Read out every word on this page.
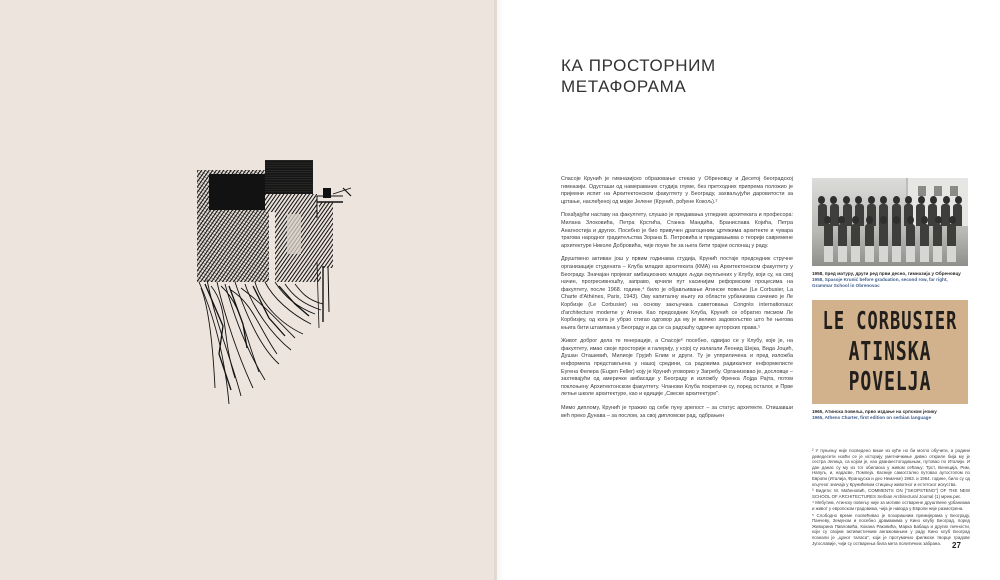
КА ПРОСТОРНИМ
МЕТАФОРАМА

Спасоје Крунић је гимназијско образовање стекао у Обреновцу и Десетој београдској гимназији. Одусташи од намераваних студија глуме, без претходних припрема положио је пријемни испит на Архитектонском факултету у Београду, захваљујући даровитости за цртање, наслеђеној од мајке Јелене (Крунић, рођене Кокољ).²

Похађајући наставу на факултету, слушао је предавања угледних архитеката и професора: Милана Злоковића, Петра Крстића, Станка Мандића, Бранислава Којића, Петра Анагностија и других. Посебно је био привучен драгоценим цртежима архитекте и чувара трагова народног градитељства Зорана Б. Петровића и предавањима о теорији савремене архитектуре Николе Добровића, чије поуке ће за њега бити трајни ослонац у раду.

Друштвено активан још у првим годинама студија, Крунић постаје председник стручне организације студената – Клуба младих архитеката (КМА) на Архитектонском факултету у Београду. Значајан пројекат амбициозних младих људи окупљених у Клубу, који су, на свој начин, прогресивношћу, заправо, крчили пут касинијим реформским процесима на факултету, после 1968. године,⁴ било је објављивање Атинске повеље (Le Corbusier, La Charte d'Athènes, Paris, 1943). Ову капиталну књигу из области урбанизма сачинио је Ле Корбизје (Le Corbusier) на основу закључака саветовања Congrès internationaux d'architecture moderne у Атини. Као председник Клуба, Крунић се обратио писмом Ле Корбизјеу, од кога је убрзо стигао одговор да му је велико задовољство што ће његова књига бити штампана у Београду и да се са радошћу одриче ауторских права.⁵

Живот доброг дела те генерације, а Спасоје⁶ посебно, одвијао се у Клубу, које је, на факултету, имао своје просторије и галерију, у којој су излагали Леонид Шејка, Вида Јоцић, Душан Оташевић, Милиоје Грујић Елим и други. Ту је упприличена и пред изложба енформела представљена у нашој средини, са радовима радикалног енформелисте Еугена Фелера (Eugen Feller) коју је Крунић уговорио у Загребу. Организовао је, дословце – захтевајући од америчке амбасаде у Београду и изложбу Френка Лојда Рајта, потом поклоњену Архитектонском факултету. Чланови Клуба покретачи су, поред осталог, и Прве летње школе архитектуре, као и едиције „Свеске архитектуре".

Мимо диплому, Крунић је тражио од себе пуну зрелост – за статус архитекте. Отишавши већ преко Дунава – за послом, за свој дипломски рад, одбрањен

1958, пред матуру, други ред први десно, гимназија у Обреновцу
1958, Spasoje Krunić before graduation, second row, far right, Grammar School in Obrenovac
LE CORBUSIER
ATINSKA
POVELJA
1965, Атинска повеља, прво издање на српском језику
1965, Athens Charter, first edition on serbian language

² У пуњењу није посведено више из куће но би могло обучити, а родини деведесети нокћи се је историју уметничкиње дивно откриле бија му је сестра Јелица, са којом је, као дванаестогодишњак, путовао по Италији. И дан данас су му из тог обиласка у живом сећању: Трст, Венеција, Рим, Напуљ, и, надасве, Помпеја. Касније самосталнo путовао аутостопом по Европи (Италија, Француска и део Немачке) 1963. и 1964. године, било су од кључног значаја у Крунићевом стицању животног и естетског искуства.

³ Видети: М. Маћеновић, COMMENTS ON ["SKOPSTENO"] OF THE NEW SCHOOL OF ARCHITECTURES Serbian Architectural Journal (1) мреж.рис.

⁴ Мебутим, Атинску повељу није за мотиве остварене друштвене урбанизма и живот у европском градовима, чија је навода у Европи није размотрена.

⁵ Слободно време посвећивао је позоришним премијерама у Београду, Панчеву, Земуном и посебно драмамима у Кино клубу Београд, поред Живорина Павловића, Кокана Раковића, Марка Бабаца и других личности, који су својим активистичким ангажовањем у раду Кино клуб Београд познали је „црног таласа", који је протумачио филмске творце градове Југославије, чији су остварења била мета политичких забрана.	27
